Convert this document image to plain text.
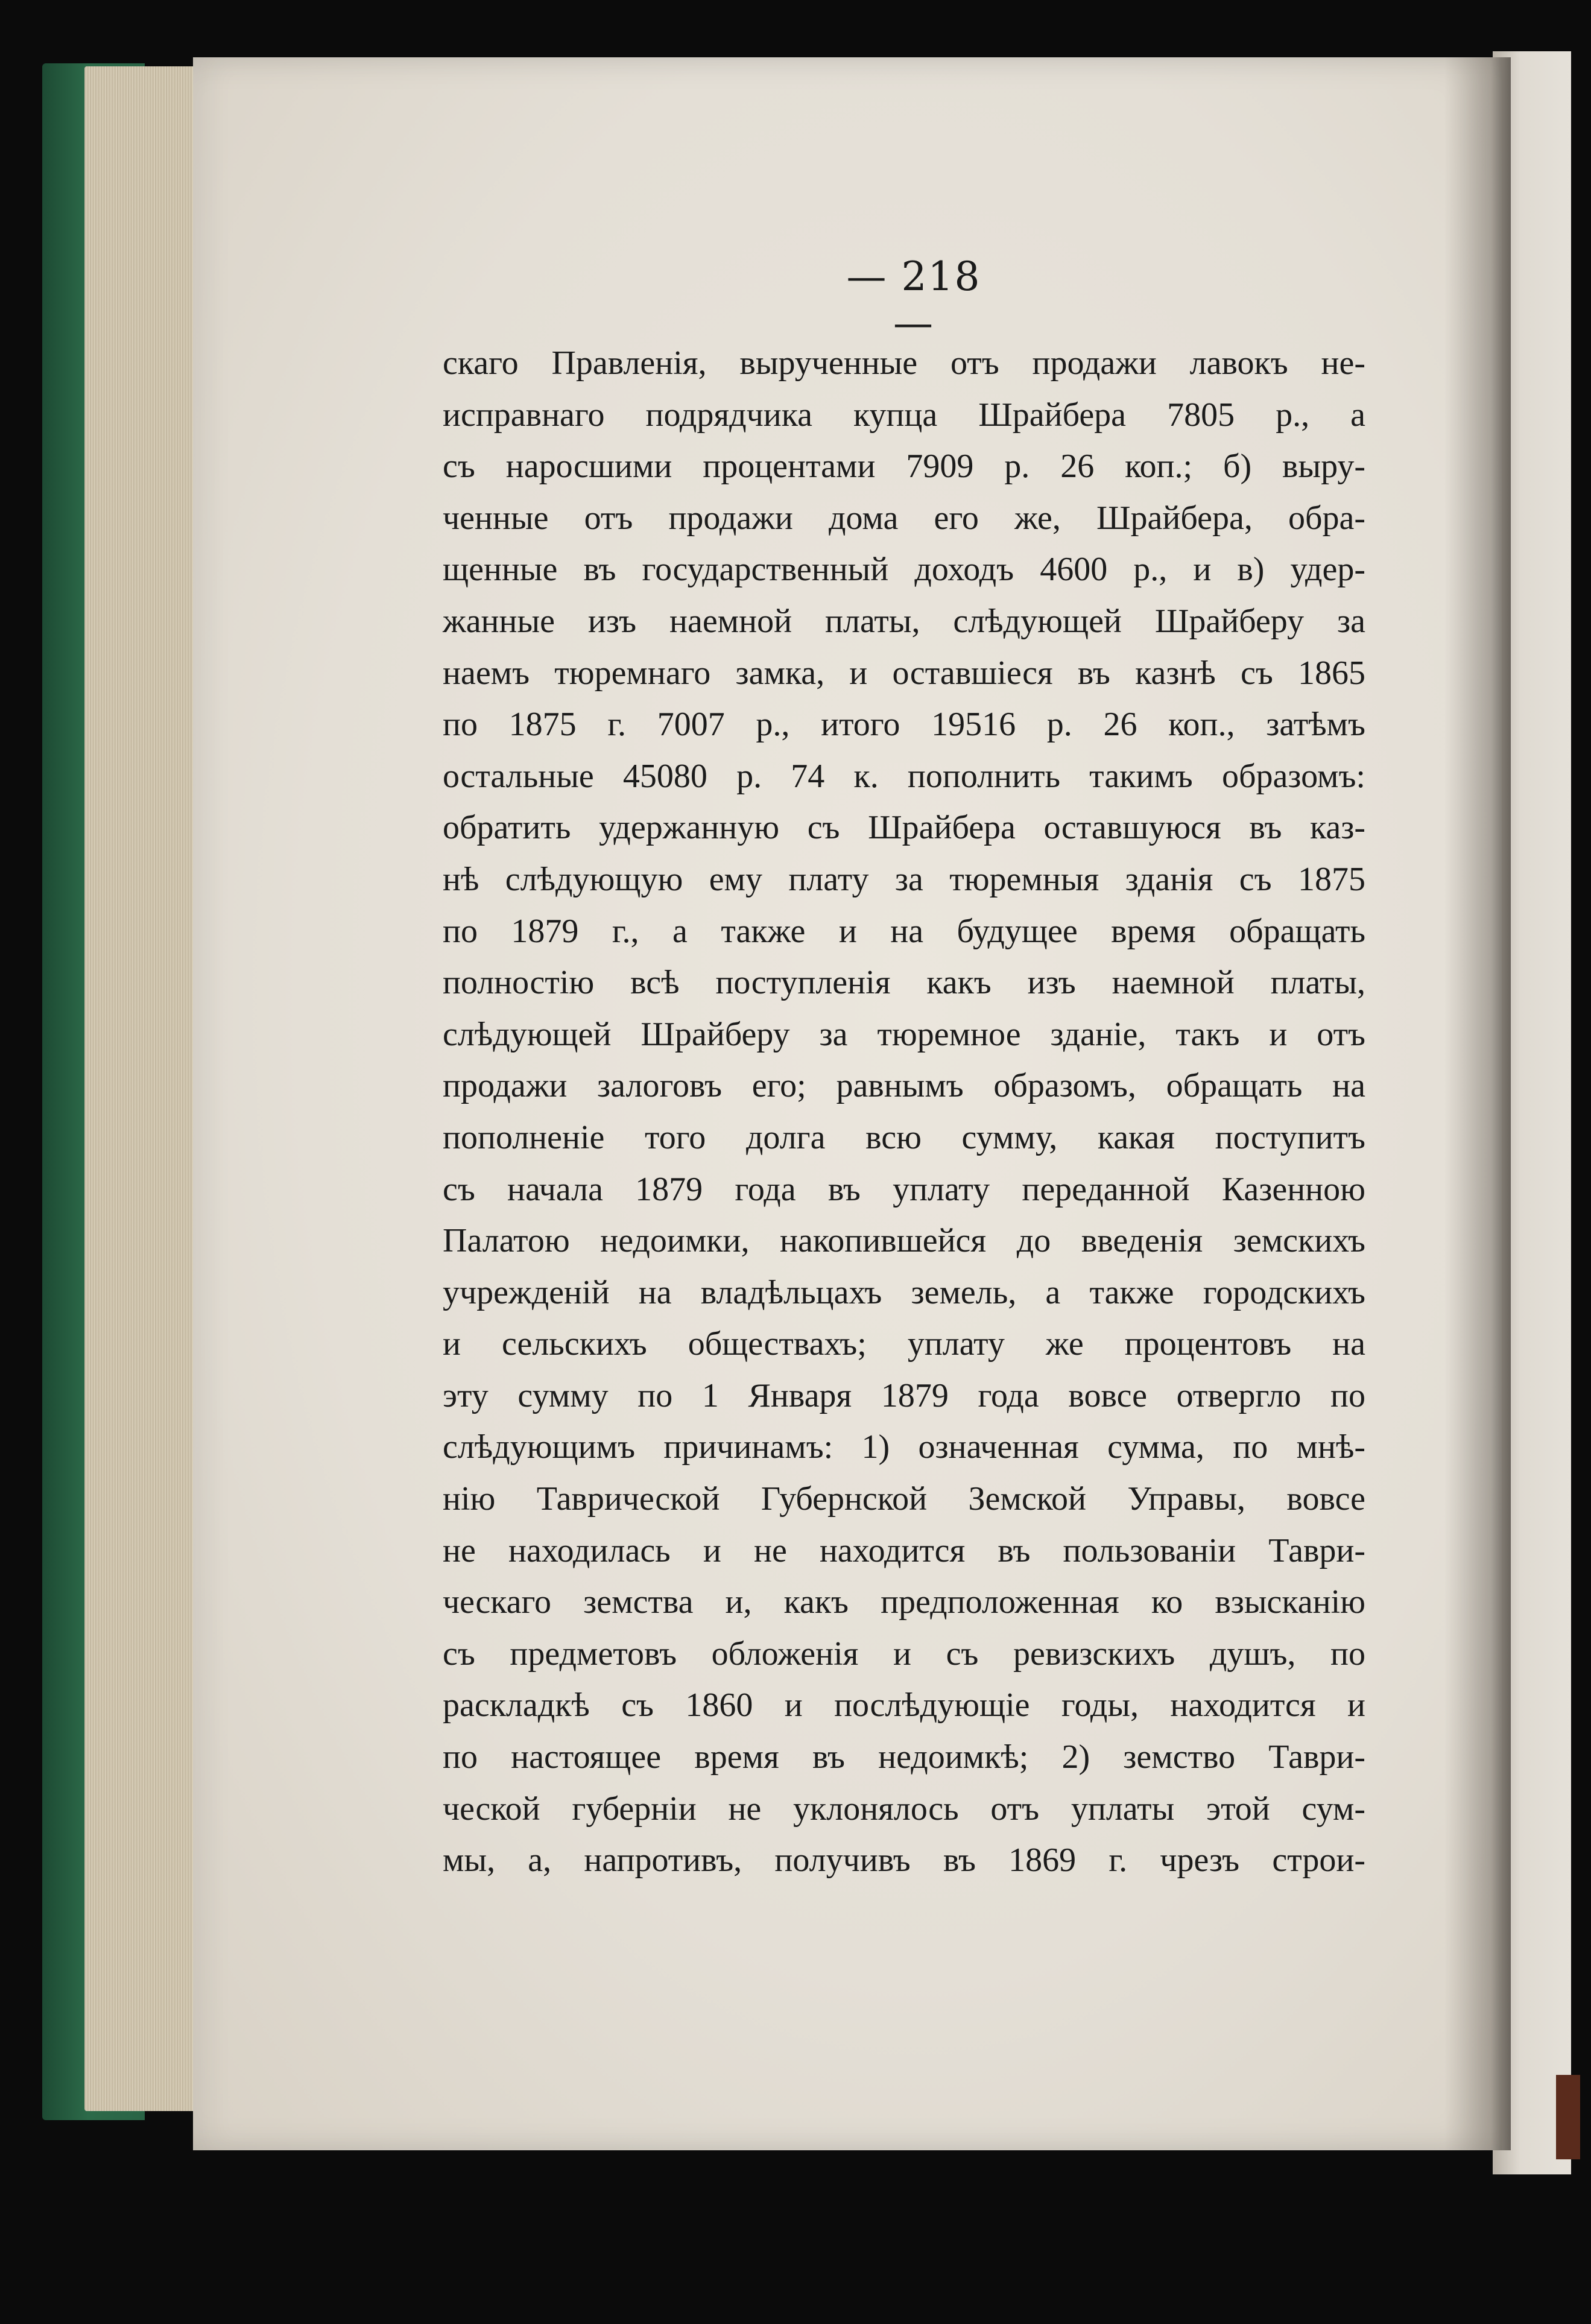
— 218 —
скаго Правленія, вырученные отъ продажи лавокъ не-
исправнаго подрядчика купца Шрайбера 7805 р., а
съ наросшими процентами 7909 р. 26 коп.; б) выру-
ченные отъ продажи дома его же, Шрайбера, обра-
щенные въ государственный доходъ 4600 р., и в) удер-
жанные изъ наемной платы, слѣдующей Шрайберу за
наемъ тюремнаго замка, и оставшіеся въ казнѣ съ 1865
по 1875 г. 7007 р., итого 19516 р. 26 коп., затѣмъ
остальные 45080 р. 74 к. пополнить такимъ образомъ:
обратить удержанную съ Шрайбера оставшуюся въ каз-
нѣ слѣдующую ему плату за тюремныя зданія съ 1875
по 1879 г., а также и на будущее время обращать
полностію всѣ поступленія какъ изъ наемной платы,
слѣдующей Шрайберу за тюремное зданіе, такъ и отъ
продажи залоговъ его; равнымъ образомъ, обращать на
пополненіе того долга всю сумму, какая поступитъ
съ начала 1879 года въ уплату переданной Казенною
Палатою недоимки, накопившейся до введенія земскихъ
учрежденій на владѣльцахъ земель, а также городскихъ
и сельскихъ обществахъ; уплату же процентовъ на
эту сумму по 1 Января 1879 года вовсе отвергло по
слѣдующимъ причинамъ: 1) означенная сумма, по мнѣ-
нію Таврической Губернской Земской Управы, вовсе
не находилась и не находится въ пользованіи Таври-
ческаго земства и, какъ предположенная ко взысканію
съ предметовъ обложенія и съ ревизскихъ душъ, по
раскладкѣ съ 1860 и послѣдующіе годы, находится и
по настоящее время въ недоимкѣ; 2) земство Таври-
ческой губерніи не уклонялось отъ уплаты этой сум-
мы, а, напротивъ, получивъ въ 1869 г. чрезъ строи-
